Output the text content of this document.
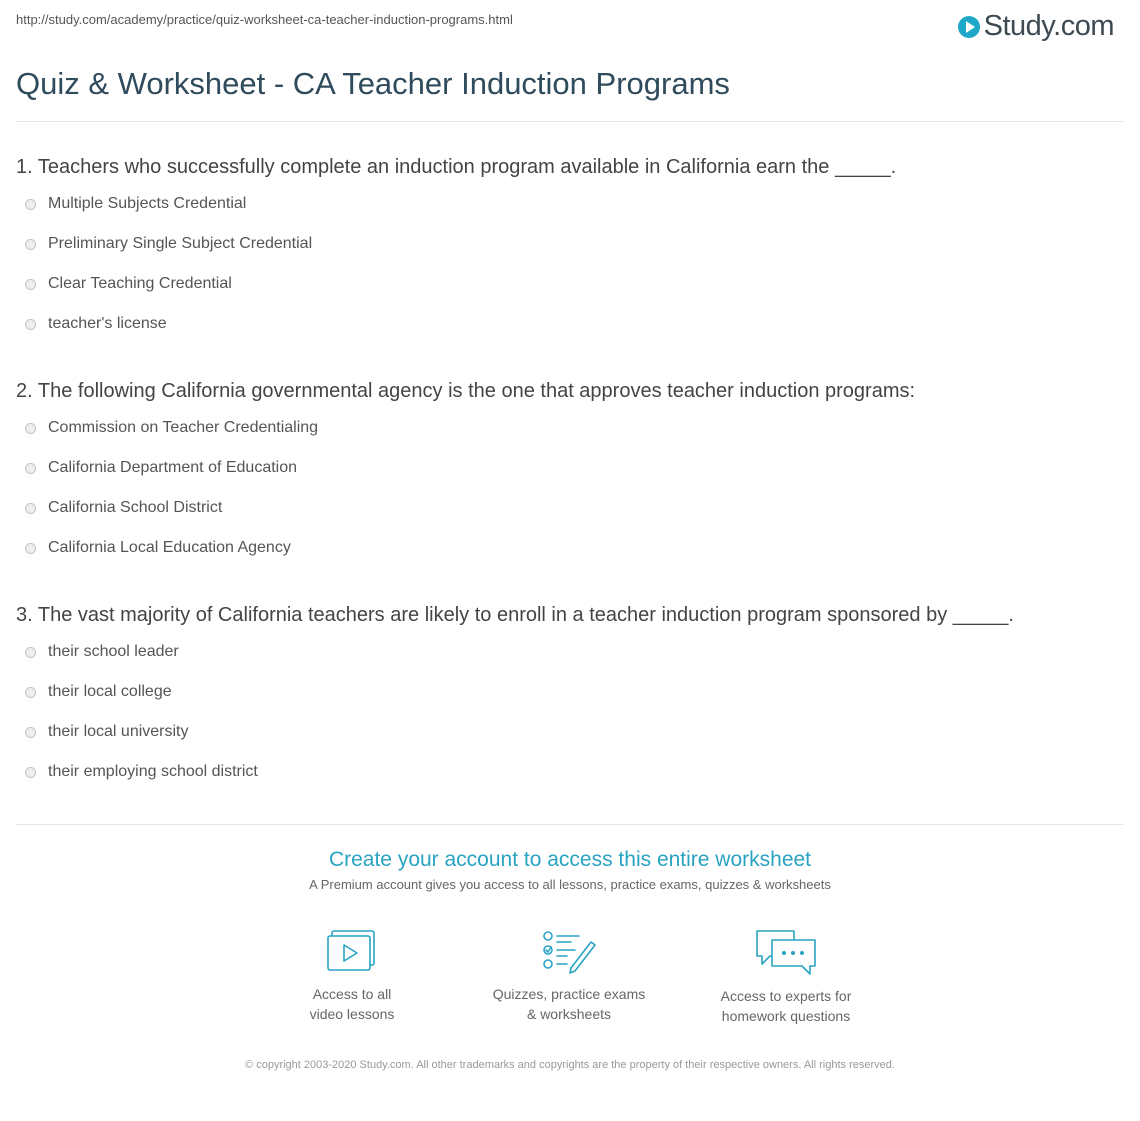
http://study.com/academy/practice/quiz-worksheet-ca-teacher-induction-programs.html	Study.com
Quiz & Worksheet - CA Teacher Induction Programs

1. Teachers who successfully complete an induction program available in California earn the _____.

Multiple Subjects Credential
Preliminary Single Subject Credential
Clear Teaching Credential
teacher's license

2. The following California governmental agency is the one that approves teacher induction programs:

Commission on Teacher Credentialing
California Department of Education
California School District
California Local Education Agency

3. The vast majority of California teachers are likely to enroll in a teacher induction program sponsored by _____.

their school leader
their local college
their local university
their employing school district
Create your account to access this entire worksheet
A Premium account gives you access to all lessons, practice exams, quizzes & worksheets
Access to all
video lessons
Quizzes, practice exams
& worksheets
Access to experts for
homework questions
© copyright 2003-2020 Study.com. All other trademarks and copyrights are the property of their respective owners. All rights reserved.
